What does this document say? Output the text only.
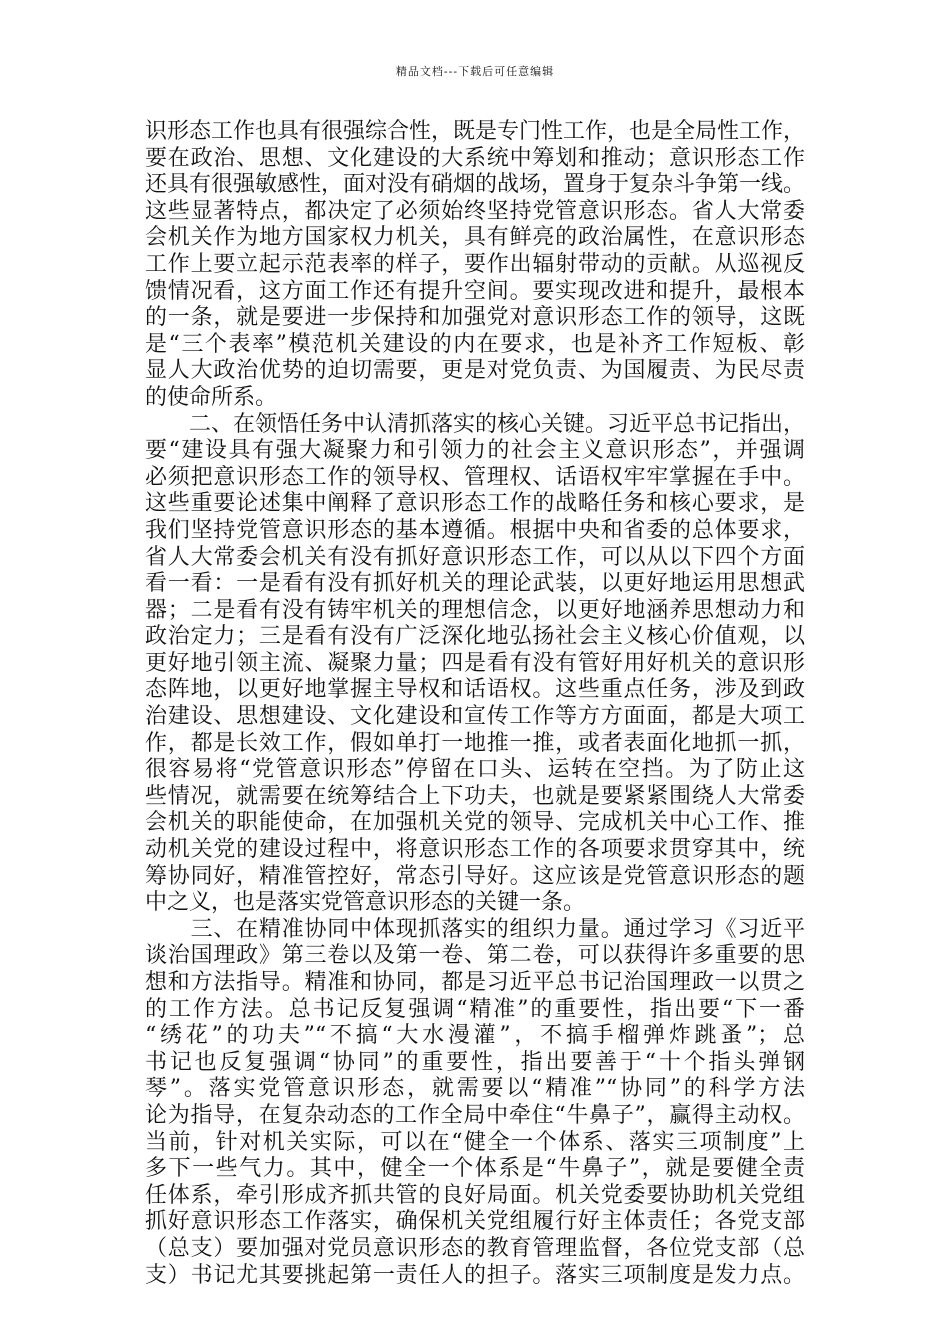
精品文档---下载后可任意编辑
识形态工作也具有很强综合性，既是专门性工作，也是全局性工作，
要在政治、思想、文化建设的大系统中筹划和推动；意识形态工作
还具有很强敏感性，面对没有硝烟的战场，置身于复杂斗争第一线。
这些显著特点，都决定了必须始终坚持党管意识形态。省人大常委
会机关作为地方国家权力机关，具有鲜亮的政治属性，在意识形态
工作上要立起示范表率的样子，要作出辐射带动的贡献。从巡视反
馈情况看，这方面工作还有提升空间。要实现改进和提升，最根本
的一条，就是要进一步保持和加强党对意识形态工作的领导，这既
是“三个表率”模范机关建设的内在要求，也是补齐工作短板、彰
显人大政治优势的迫切需要，更是对党负责、为国履责、为民尽责
的使命所系。
　　二、在领悟任务中认清抓落实的核心关键。习近平总书记指出，
要“建设具有强大凝聚力和引领力的社会主义意识形态”，并强调
必须把意识形态工作的领导权、管理权、话语权牢牢掌握在手中。
这些重要论述集中阐释了意识形态工作的战略任务和核心要求，是
我们坚持党管意识形态的基本遵循。根据中央和省委的总体要求，
省人大常委会机关有没有抓好意识形态工作，可以从以下四个方面
看一看：一是看有没有抓好机关的理论武装，以更好地运用思想武
器；二是看有没有铸牢机关的理想信念，以更好地涵养思想动力和
政治定力；三是看有没有广泛深化地弘扬社会主义核心价值观，以
更好地引领主流、凝聚力量；四是看有没有管好用好机关的意识形
态阵地，以更好地掌握主导权和话语权。这些重点任务，涉及到政
治建设、思想建设、文化建设和宣传工作等方方面面，都是大项工
作，都是长效工作，假如单打一地推一推，或者表面化地抓一抓，
很容易将“党管意识形态”停留在口头、运转在空挡。为了防止这
些情况，就需要在统筹结合上下功夫，也就是要紧紧围绕人大常委
会机关的职能使命，在加强机关党的领导、完成机关中心工作、推
动机关党的建设过程中，将意识形态工作的各项要求贯穿其中，统
筹协同好，精准管控好，常态引导好。这应该是党管意识形态的题
中之义，也是落实党管意识形态的关键一条。
　　三、在精准协同中体现抓落实的组织力量。通过学习《习近平
谈治国理政》第三卷以及第一卷、第二卷，可以获得许多重要的思
想和方法指导。精准和协同，都是习近平总书记治国理政一以贯之
的工作方法。总书记反复强调“精准”的重要性，指出要“下一番
“绣花”的功夫”“不搞“大水漫灌”，不搞手榴弹炸跳蚤”；总
书记也反复强调“协同”的重要性，指出要善于“十个指头弹钢
琴”。落实党管意识形态，就需要以“精准”“协同”的科学方法
论为指导，在复杂动态的工作全局中牵住“牛鼻子”，赢得主动权。
当前，针对机关实际，可以在“健全一个体系、落实三项制度”上
多下一些气力。其中，健全一个体系是“牛鼻子”，就是要健全责
任体系，牵引形成齐抓共管的良好局面。机关党委要协助机关党组
抓好意识形态工作落实，确保机关党组履行好主体责任；各党支部
（总支）要加强对党员意识形态的教育管理监督，各位党支部（总
支）书记尤其要挑起第一责任人的担子。落实三项制度是发力点。
